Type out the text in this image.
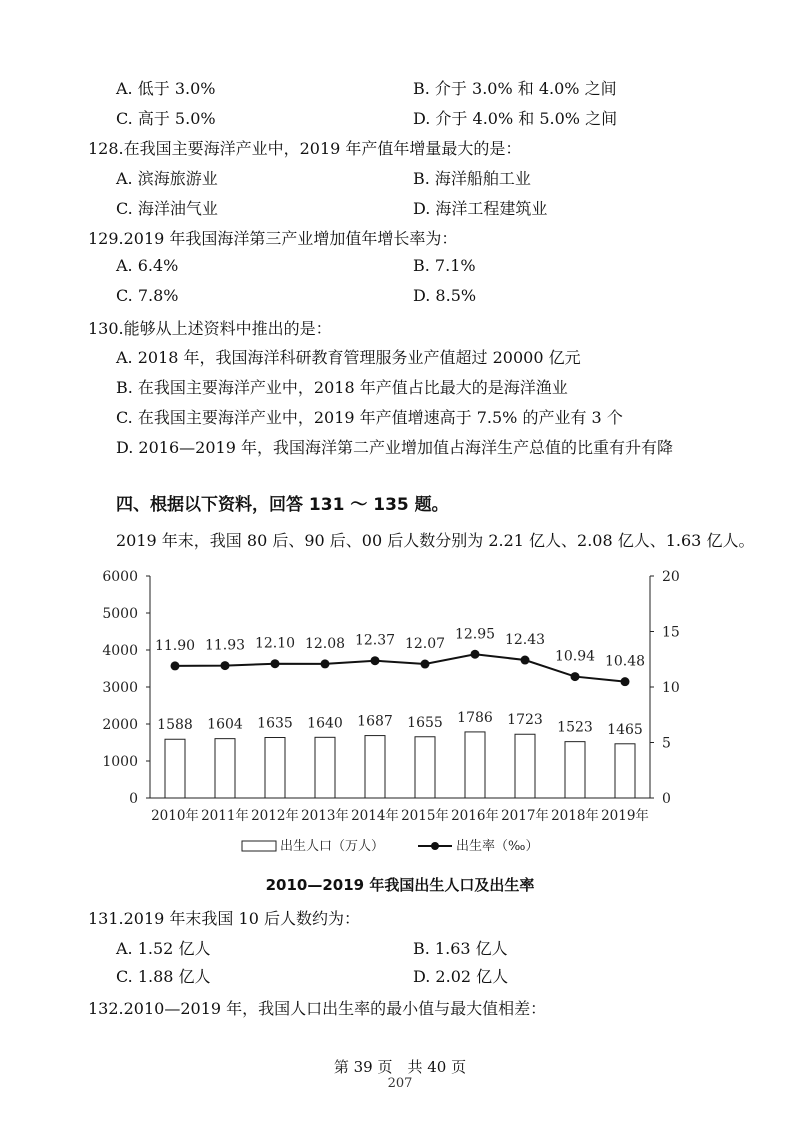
A. 低于 3.0%	B. 介于 3.0% 和 4.0% 之间
C. 高于 5.0%	D. 介于 4.0% 和 5.0% 之间
128.在我国主要海洋产业中，2019 年产值年增量最大的是：
A. 滨海旅游业	B. 海洋船舶工业
C. 海洋油气业	D. 海洋工程建筑业
129.2019 年我国海洋第三产业增加值年增长率为：
A. 6.4%	B. 7.1%
C. 7.8%	D. 8.5%
130.能够从上述资料中推出的是：
A. 2018 年，我国海洋科研教育管理服务业产值超过 20000 亿元
B. 在我国主要海洋产业中，2018 年产值占比最大的是海洋渔业
C. 在我国主要海洋产业中，2019 年产值增速高于 7.5% 的产业有 3 个
D. 2016—2019 年，我国海洋第二产业增加值占海洋生产总值的比重有升有降
四、根据以下资料，回答 131 ～ 135 题。
2019 年末，我国 80 后、90 后、00 后人数分别为 2.21 亿人、2.08 亿人、1.63 亿人。
0
1000
2000
3000
4000
5000
6000
0
5
10
15
20
2010年 2011年 2012年 2013年 2014年 2015年 2016年 2017年 2018年 2019年
1588 1604 1635 1640 1687 1655 1786 1723 1523 1465
11.90 11.93 12.10 12.08 12.37 12.07
12.95 12.43
10.94 10.48
出生人口（万人）	出生率（‰）
2010—2019 年我国出生人口及出生率
131.2019 年末我国 10 后人数约为：
A. 1.52 亿人	B. 1.63 亿人
C. 1.88 亿人	D. 2.02 亿人
132.2010—2019 年，我国人口出生率的最小值与最大值相差：
第 39 页　共 40 页
207
